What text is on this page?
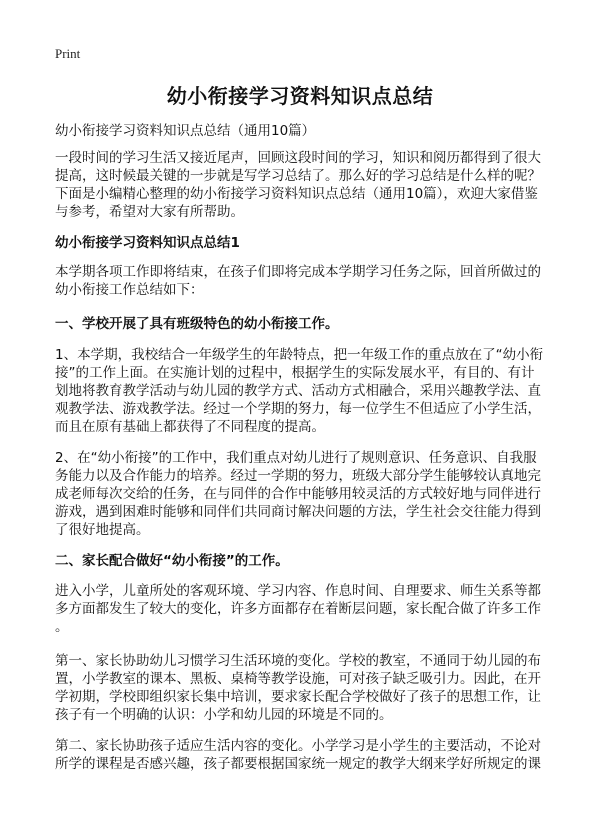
Print
幼小衔接学习资料知识点总结
幼小衔接学习资料知识点总结（通用10篇）
一段时间的学习生活又接近尾声，回顾这段时间的学习，知识和阅历都得到了很大
提高，这时候最关键的一步就是写学习总结了。那么好的学习总结是什么样的呢？
下面是小编精心整理的幼小衔接学习资料知识点总结（通用10篇），欢迎大家借鉴
与参考，希望对大家有所帮助。
幼小衔接学习资料知识点总结1
本学期各项工作即将结束，在孩子们即将完成本学期学习任务之际，回首所做过的
幼小衔接工作总结如下：
一、学校开展了具有班级特色的幼小衔接工作。
1、本学期，我校结合一年级学生的年龄特点，把一年级工作的重点放在了“幼小衔
接”的工作上面。在实施计划的过程中，根据学生的实际发展水平，有目的、有计
划地将教育教学活动与幼儿园的教学方式、活动方式相融合，采用兴趣教学法、直
观教学法、游戏教学法。经过一个学期的努力，每一位学生不但适应了小学生活，
而且在原有基础上都获得了不同程度的提高。
2、在“幼小衔接”的工作中，我们重点对幼儿进行了规则意识、任务意识、自我服
务能力以及合作能力的培养。经过一学期的努力，班级大部分学生能够较认真地完
成老师每次交给的任务，在与同伴的合作中能够用较灵活的方式较好地与同伴进行
游戏，遇到困难时能够和同伴们共同商讨解决问题的方法，学生社会交往能力得到
了很好地提高。
二、家长配合做好“幼小衔接”的工作。
进入小学，儿童所处的客观环境、学习内容、作息时间、自理要求、师生关系等都
多方面都发生了较大的变化，许多方面都存在着断层问题，家长配合做了许多工作
。
第一、家长协助幼儿习惯学习生活环境的变化。学校的教室，不通同于幼儿园的布
置，小学教室的课本、黑板、桌椅等教学设施，可对孩子缺乏吸引力。因此，在开
学初期，学校即组织家长集中培训，要求家长配合学校做好了孩子的思想工作，让
孩子有一个明确的认识：小学和幼儿园的环境是不同的。
第二、家长协助孩子适应生活内容的变化。小学学习是小学生的主要活动，不论对
所学的课程是否感兴趣，孩子都要根据国家统一规定的教学大纲来学好所规定的课
